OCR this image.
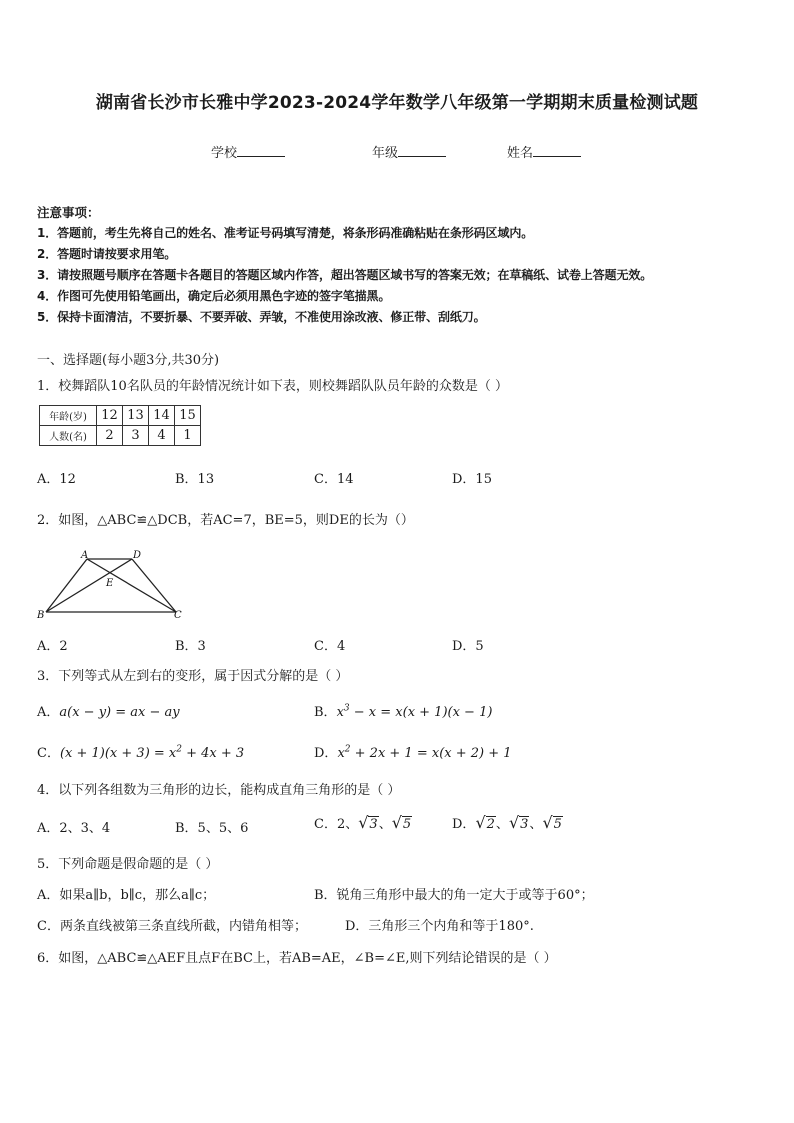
湖南省长沙市长雅中学2023-2024学年数学八年级第一学期期末质量检测试题
学校	年级	姓名
注意事项：
1．答题前，考生先将自己的姓名、准考证号码填写清楚，将条形码准确粘贴在条形码区域内。
2．答题时请按要求用笔。
3．请按照题号顺序在答题卡各题目的答题区域内作答，超出答题区域书写的答案无效；在草稿纸、试卷上答题无效。
4．作图可先使用铅笔画出，确定后必须用黑色字迹的签字笔描黑。
5．保持卡面清洁，不要折暴、不要弄破、弄皱，不准使用涂改液、修正带、刮纸刀。
一、选择题(每小题3分,共30分)
1．校舞蹈队10名队员的年龄情况统计如下表，则校舞蹈队队员年龄的众数是（ ）
年龄(岁)	12	13	14	15
人数(名)	2	3	4	1
A．12	B．13	C．14	D．15
2．如图，△ABC≌△DCB，若AC=7，BE=5，则DE的长为（）
A	D
E
B	C
A．2	B．3	C．4	D．5
3．下列等式从左到右的变形，属于因式分解的是（ ）
A．a(x − y) = ax − ay	B．$x^3 - x = x(x + 1)(x - 1)$
C．$(x + 1)(x + 3) = x^2 + 4x + 3$	D．$x^2 + 2x + 1 = x(x + 2) + 1$
4．以下列各组数为三角形的边长，能构成直角三角形的是（ ）
A．2、3、4	B．5、5、6	C．2、√3、√5	D．√2、√3、√5
5．下列命题是假命题的是（ ）
A．如果a∥b，b∥c，那么a∥c；	B．锐角三角形中最大的角一定大于或等于60°；
C．两条直线被第三条直线所截，内错角相等；	D．三角形三个内角和等于180°.
6．如图，△ABC≌△AEF且点F在BC上，若AB=AE，∠B=∠E,则下列结论错误的是（ ）
